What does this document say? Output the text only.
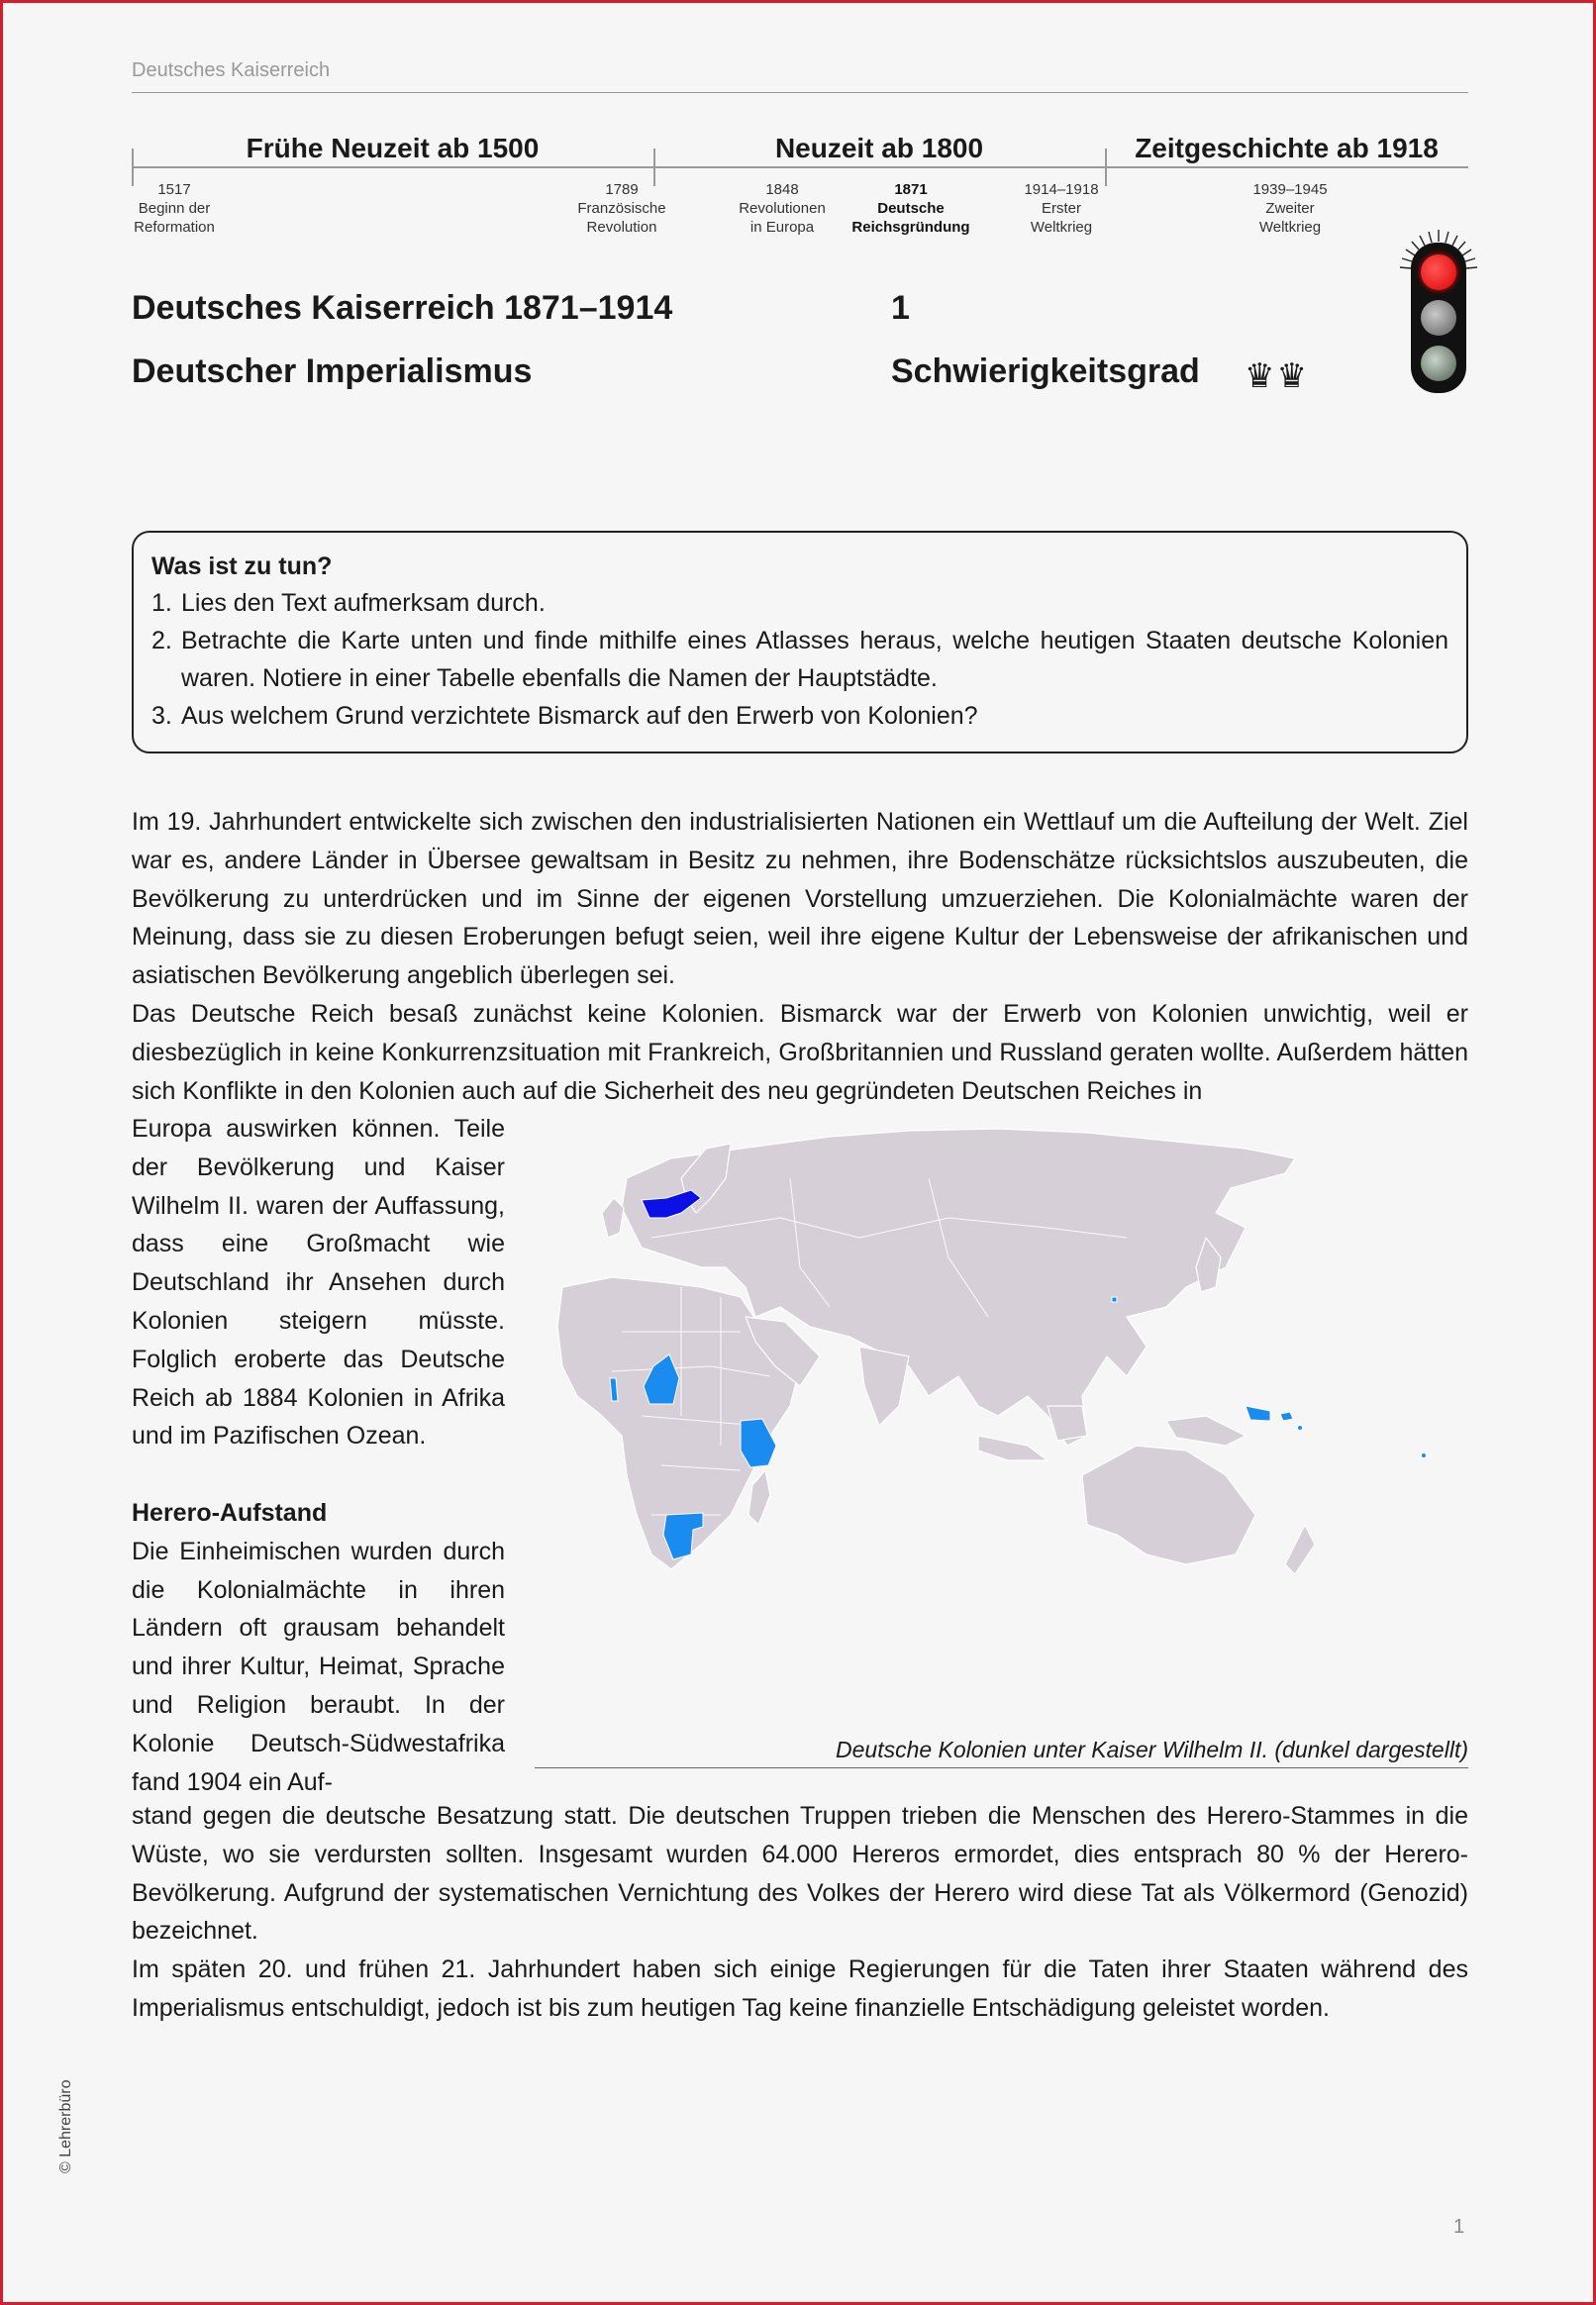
Deutsches Kaiserreich
Frühe Neuzeit ab 1500	Neuzeit ab 1800	Zeitgeschichte ab 1918
1517
Beginn der
Reformation
1789
Französische
Revolution
1848
Revolutionen
in Europa
1871
Deutsche
Reichsgründung
1914–1918
Erster
Weltkrieg
1939–1945
Zweiter
Weltkrieg
Deutsches Kaiserreich 1871–1914	1
Deutscher Imperialismus	Schwierigkeitsgrad ♛♛
Was ist zu tun?
1. Lies den Text aufmerksam durch.
2. Betrachte die Karte unten und finde mithilfe eines Atlasses heraus, welche heutigen Staaten deutsche Kolonien waren. Notiere in einer Tabelle ebenfalls die Namen der Hauptstädte.
3. Aus welchem Grund verzichtete Bismarck auf den Erwerb von Kolonien?
Im 19. Jahrhundert entwickelte sich zwischen den industrialisierten Nationen ein Wettlauf um die Aufteilung der Welt. Ziel war es, andere Länder in Übersee gewaltsam in Besitz zu nehmen, ihre Bodenschätze rücksichtslos auszubeuten, die Bevölkerung zu unterdrücken und im Sinne der eigenen Vorstellung umzuerziehen. Die Kolonialmächte waren der Meinung, dass sie zu diesen Eroberungen befugt seien, weil ihre eigene Kultur der Lebensweise der afrikanischen und asiatischen Bevölkerung angeblich überlegen sei.
Das Deutsche Reich besaß zunächst keine Kolonien. Bismarck war der Erwerb von Kolonien unwichtig, weil er diesbezüglich in keine Konkurrenzsituation mit Frankreich, Großbritannien und Russland geraten wollte. Außerdem hätten sich Konflikte in den Kolonien auch auf die Sicherheit des neu gegründeten Deutschen Reiches in

Europa auswirken können. Teile der Bevölkerung und Kaiser Wilhelm II. waren der Auffassung, dass eine Großmacht wie Deutschland ihr Ansehen durch Kolonien steigern müsste. Folglich eroberte das Deutsche Reich ab 1884 Kolonien in Afrika und im Pazifischen Ozean.

Herero-Aufstand

Die Einheimischen wurden durch die Kolonialmächte in ihren Ländern oft grausam behandelt und ihrer Kultur, Heimat, Sprache und Religion beraubt. In der Kolonie Deutsch-Südwestafrika fand 1904 ein Auf-

Deutsche Kolonien unter Kaiser Wilhelm II. (dunkel dargestellt)
stand gegen die deutsche Besatzung statt. Die deutschen Truppen trieben die Menschen des Herero-Stammes in die Wüste, wo sie verdursten sollten. Insgesamt wurden 64.000 Hereros ermordet, dies entsprach 80 % der Herero-Bevölkerung. Aufgrund der systematischen Vernichtung des Volkes der Herero wird diese Tat als Völkermord (Genozid) bezeichnet.
Im späten 20. und frühen 21. Jahrhundert haben sich einige Regierungen für die Taten ihrer Staaten während des Imperialismus entschuldigt, jedoch ist bis zum heutigen Tag keine finanzielle Entschädigung geleistet worden.
© Lehrerbüro
1
